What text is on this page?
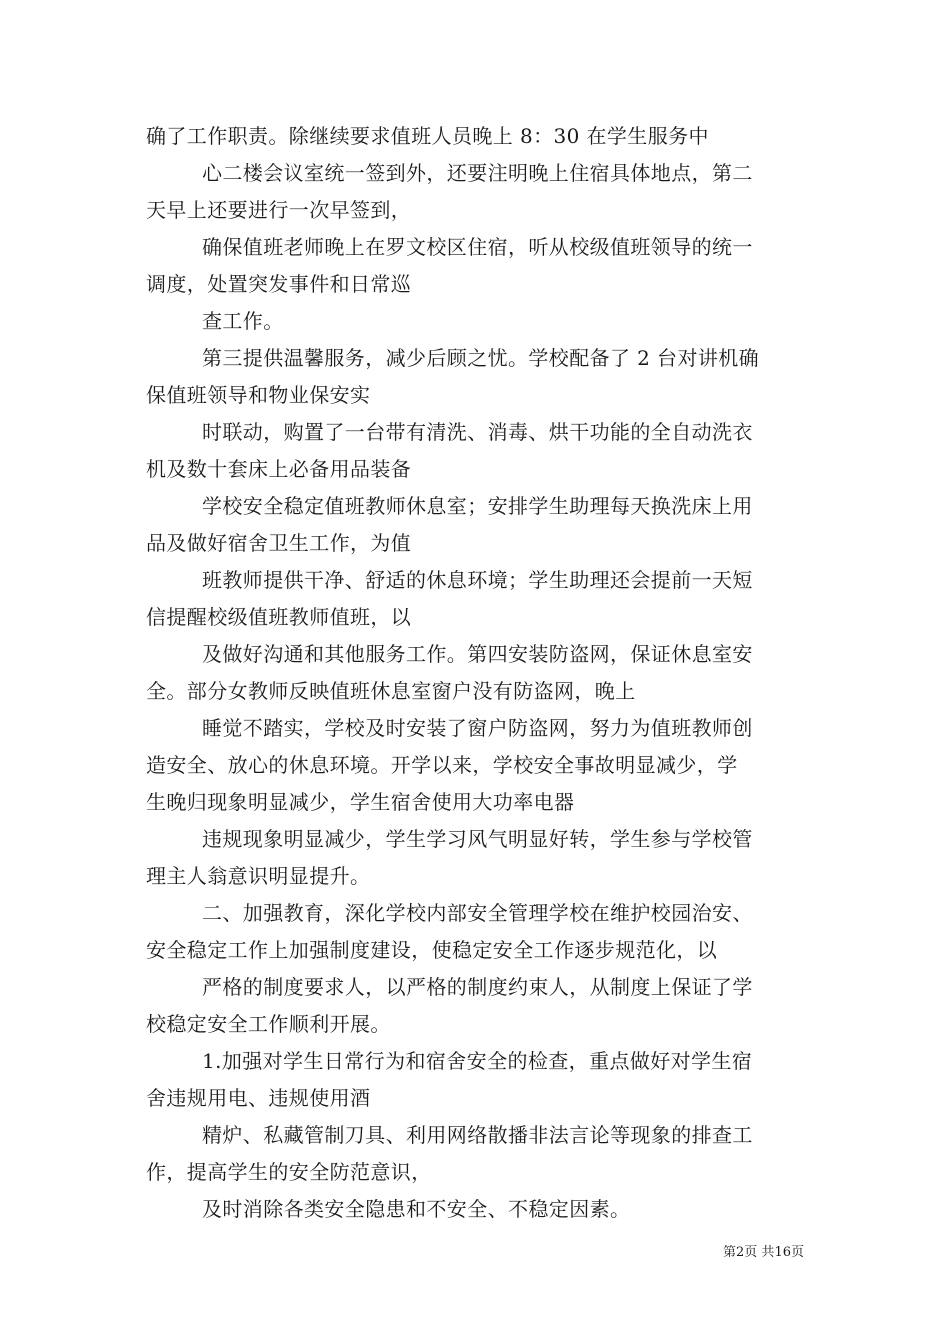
确了工作职责。除继续要求值班人员晚上 8：30 在学生服务中
心二楼会议室统一签到外，还要注明晚上住宿具体地点，第二
天早上还要进行一次早签到，
确保值班老师晚上在罗文校区住宿，听从校级值班领导的统一
调度，处置突发事件和日常巡
查工作。
第三提供温馨服务，减少后顾之忧。学校配备了 2 台对讲机确
保值班领导和物业保安实
时联动，购置了一台带有清洗、消毒、烘干功能的全自动洗衣
机及数十套床上必备用品装备
学校安全稳定值班教师休息室；安排学生助理每天换洗床上用
品及做好宿舍卫生工作，为值
班教师提供干净、舒适的休息环境；学生助理还会提前一天短
信提醒校级值班教师值班，以
及做好沟通和其他服务工作。第四安装防盗网，保证休息室安
全。部分女教师反映值班休息室窗户没有防盗网，晚上
睡觉不踏实，学校及时安装了窗户防盗网，努力为值班教师创
造安全、放心的休息环境。开学以来，学校安全事故明显减少，学
生晚归现象明显减少，学生宿舍使用大功率电器
违规现象明显减少，学生学习风气明显好转，学生参与学校管
理主人翁意识明显提升。
二、加强教育，深化学校内部安全管理学校在维护校园治安、
安全稳定工作上加强制度建设，使稳定安全工作逐步规范化，以
严格的制度要求人，以严格的制度约束人，从制度上保证了学
校稳定安全工作顺利开展。
1.加强对学生日常行为和宿舍安全的检查，重点做好对学生宿
舍违规用电、违规使用酒
精炉、私藏管制刀具、利用网络散播非法言论等现象的排查工
作，提高学生的安全防范意识，
及时消除各类安全隐患和不安全、不稳定因素。
第2页 共16页
